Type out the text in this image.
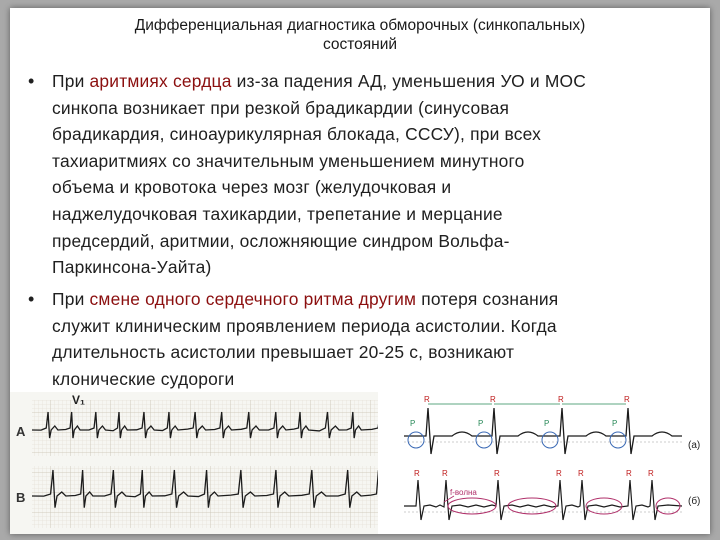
Дифференциальная диагностика обморочных (синкопальных)
состояний
•	При аритмиях сердца из-за падения АД, уменьшения УО и МОС
синкопа возникает при резкой брадикардии (синусовая
брадикардия, синоаурикулярная блокада, СССУ), при всех
тахиаритмиях со значительным уменьшением минутного
объема и кровотока через мозг (желудочковая и
наджелудочковая тахикардии, трепетание и мерцание
предсердий, аритмии, осложняющие синдром Вольфа-
Паркинсона-Уайта)
•	При смене одного сердечного ритма другим потеря сознания
служит клиническим проявлением периода асистолии. Когда
длительность асистолии превышает 20-25 с, возникают
клонические судороги
V₁
A
B
R	R	R	R
P	P	P	P
(а)
R	R	R	R R	R R
f-волна
(б)
